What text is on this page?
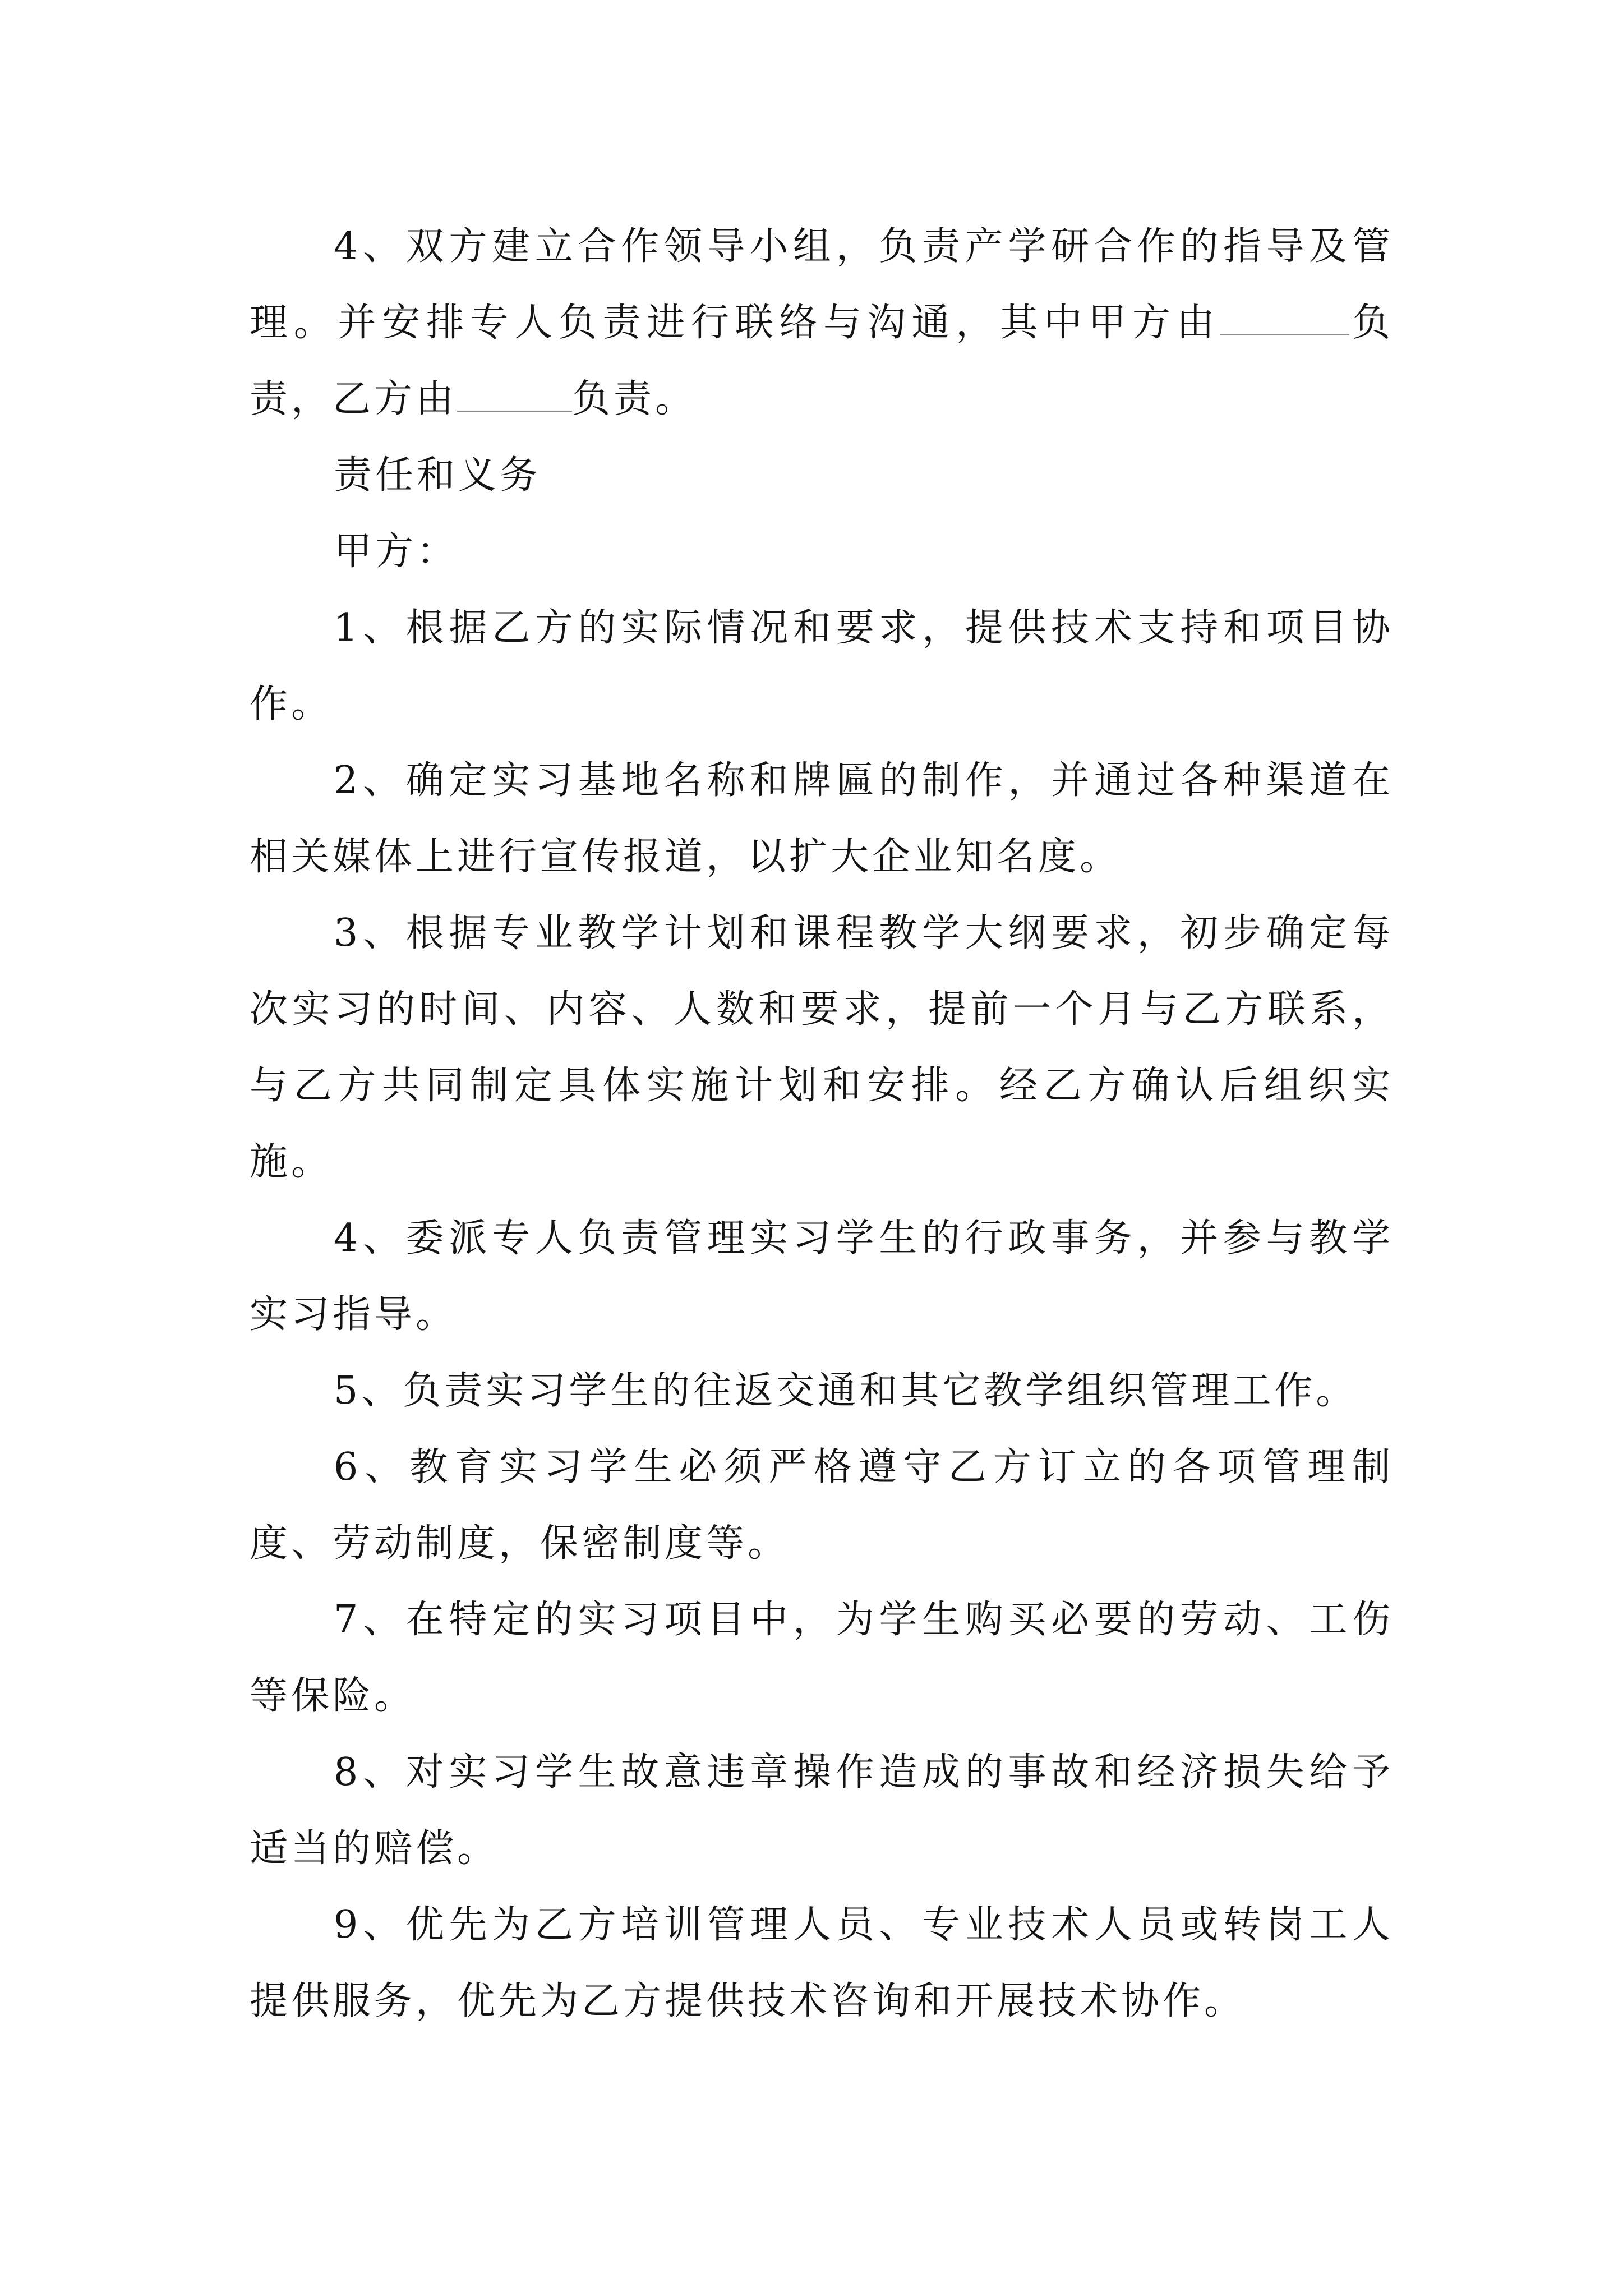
4、双方建立合作领导小组，负责产学研合作的指导及管理。并安排专人负责进行联络与沟通，其中甲方由	负责，乙方由	负责。

责任和义务

甲方：

1、根据乙方的实际情况和要求，提供技术支持和项目协作。

2、确定实习基地名称和牌匾的制作，并通过各种渠道在相关媒体上进行宣传报道，以扩大企业知名度。

3、根据专业教学计划和课程教学大纲要求，初步确定每次实习的时间、内容、人数和要求，提前一个月与乙方联系，与乙方共同制定具体实施计划和安排。经乙方确认后组织实施。

4、委派专人负责管理实习学生的行政事务，并参与教学实习指导。

5、负责实习学生的往返交通和其它教学组织管理工作。

6、教育实习学生必须严格遵守乙方订立的各项管理制度、劳动制度，保密制度等。

7、在特定的实习项目中，为学生购买必要的劳动、工伤等保险。

8、对实习学生故意违章操作造成的事故和经济损失给予适当的赔偿。

9、优先为乙方培训管理人员、专业技术人员或转岗工人提供服务，优先为乙方提供技术咨询和开展技术协作。
